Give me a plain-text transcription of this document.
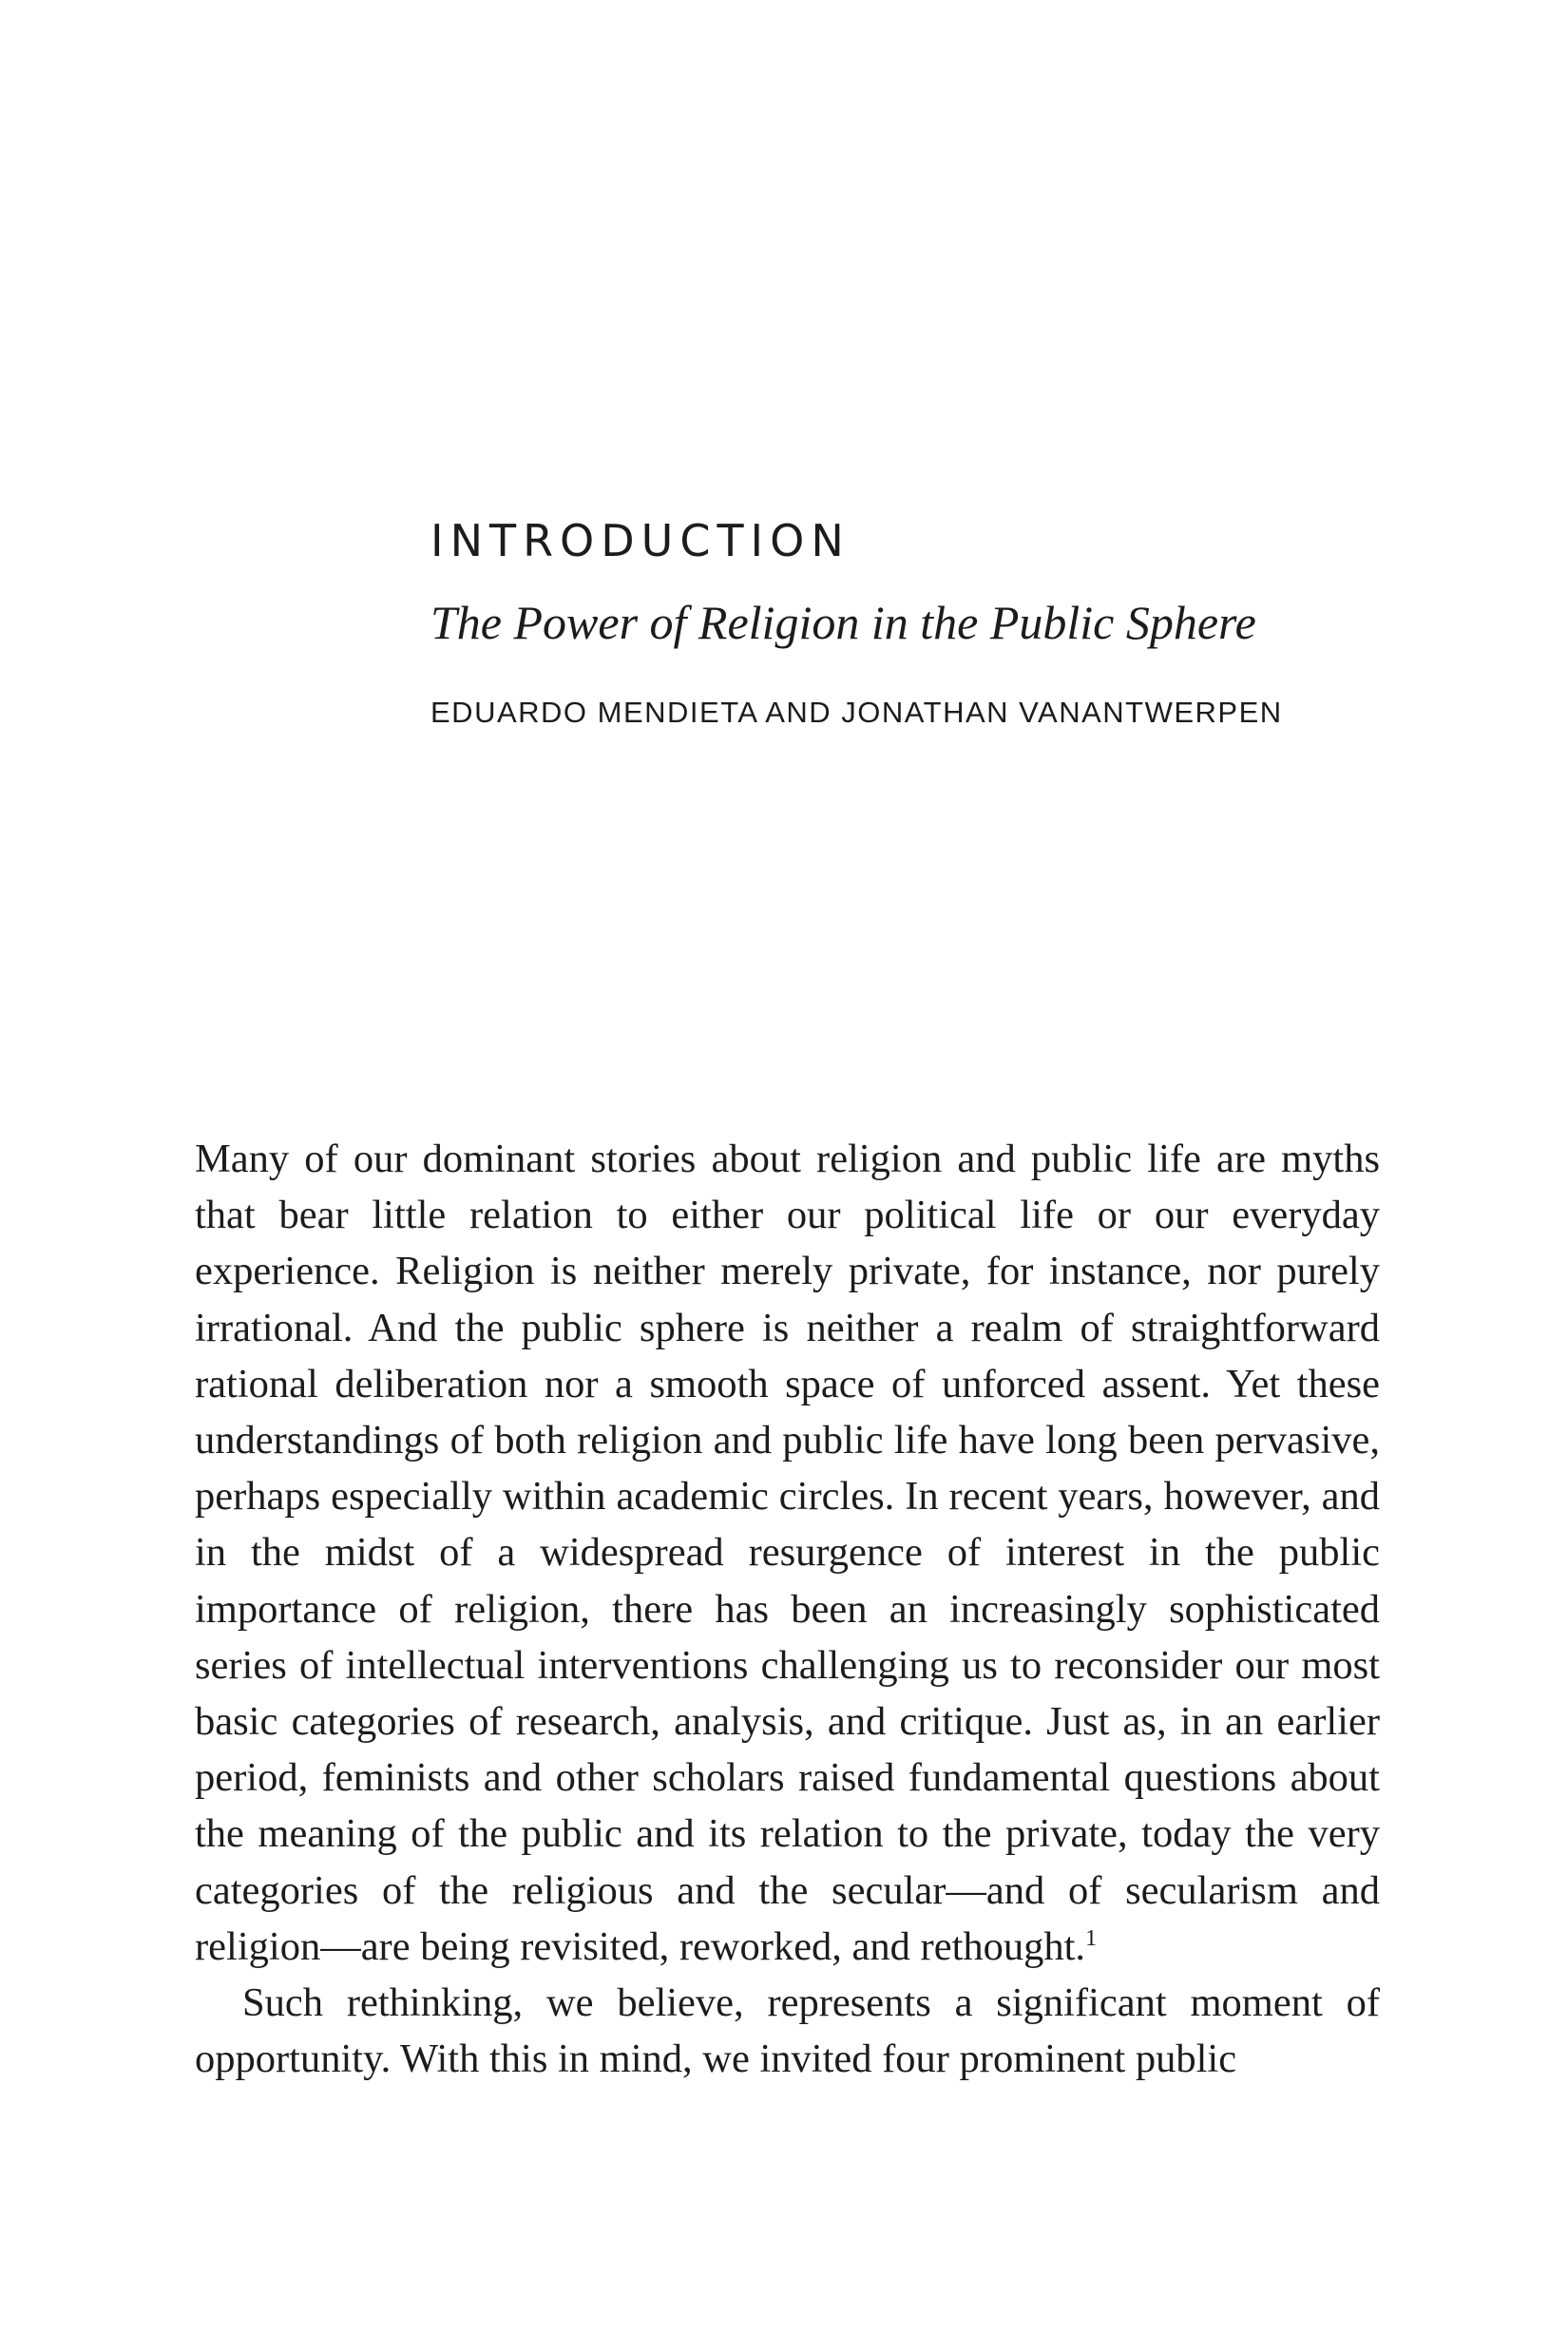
INTRODUCTION
The Power of Religion in the Public Sphere
EDUARDO MENDIETA AND JONATHAN VANANTWERPEN

Many of our dominant stories about religion and public life are myths that bear little relation to either our political life or our everyday experience. Religion is neither merely private, for instance, nor purely irrational. And the public sphere is neither a realm of straightforward rational deliberation nor a smooth space of unforced assent. Yet these understandings of both religion and public life have long been pervasive, perhaps especially within academic circles. In recent years, however, and in the midst of a widespread resurgence of interest in the public importance of religion, there has been an increasingly sophisticated series of intellectual interventions challenging us to reconsider our most basic categories of research, analysis, and critique. Just as, in an earlier period, feminists and other scholars raised fundamental questions about the meaning of the public and its relation to the private, today the very categories of the religious and the secular—and of secularism and religion—are being revisited, reworked, and rethought.$^1$

Such rethinking, we believe, represents a significant moment of opportunity. With this in mind, we invited four prominent public
